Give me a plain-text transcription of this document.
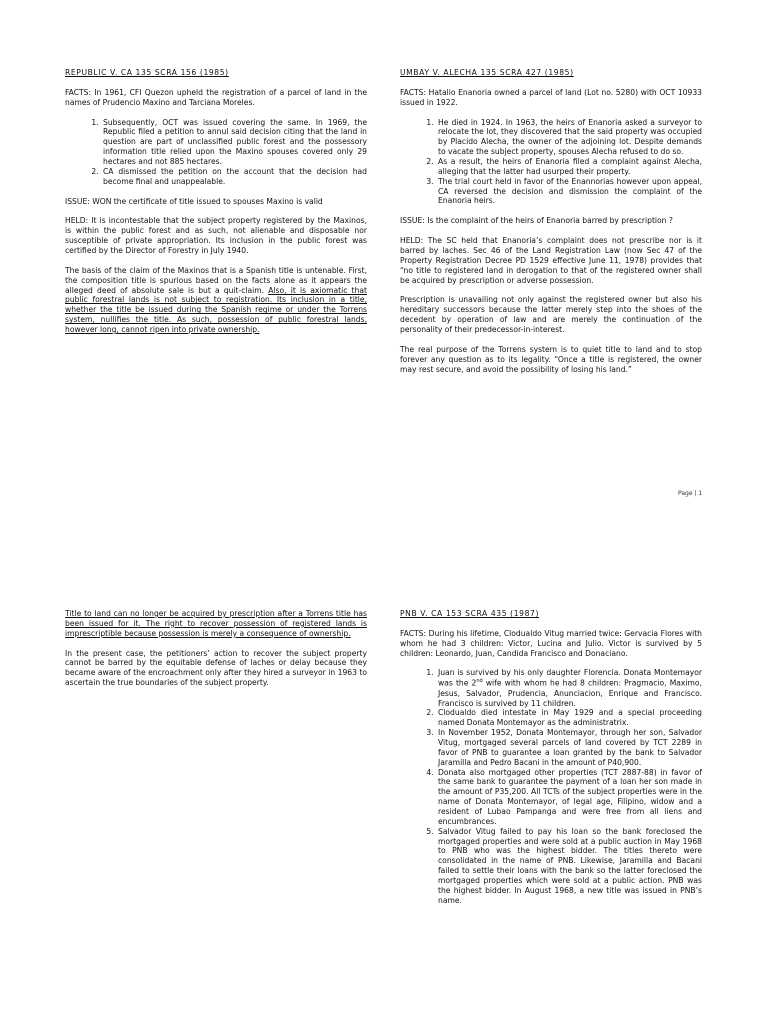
REPUBLIC V. CA 135 SCRA 156 (1985)

FACTS: In 1961, CFI Quezon upheld the registration of a parcel of land in the names of Prudencio Maxino and Tarciana Moreles.

1. Subsequently, OCT was issued covering the same. In 1969, the Republic filed a petition to annul said decision citing that the land in question are part of unclassified public forest and the possessory information title relied upon the Maxino spouses covered only 29 hectares and not 885 hectares.
2. CA dismissed the petition on the account that the decision had become final and unappealable.

ISSUE: WON the certificate of title issued to spouses Maxino is valid

HELD: It is incontestable that the subject property registered by the Maxinos, is within the public forest and as such, not alienable and disposable nor susceptible of private appropriation. Its inclusion in the public forest was certified by the Director of Forestry in July 1940.

The basis of the claim of the Maxinos that is a Spanish title is untenable. First, the composition title is spurious based on the facts alone as it appears the alleged deed of absolute sale is but a quit-claim. Also, it is axiomatic that public forestral lands is not subject to registration. Its inclusion in a title, whether the title be issued during the Spanish regime or under the Torrens system, nullifies the title. As such, possession of public forestral lands, however long, cannot ripen into private ownership.

UMBAY V. ALECHA 135 SCRA 427 (1985)

FACTS: Hatalio Enanoria owned a parcel of land (Lot no. 5280) with OCT 10933 issued in 1922.

1. He died in 1924. In 1963, the heirs of Enanoria asked a surveyor to relocate the lot, they discovered that the said property was occupied by Placido Alecha, the owner of the adjoining lot. Despite demands to vacate the subject property, spouses Alecha refused to do so.
2. As a result, the heirs of Enanoria filed a complaint against Alecha, alleging that the latter had usurped their property.
3. The trial court held in favor of the Enannorias however upon appeal, CA reversed the decision and dismission the complaint of the Enanoria heirs.

ISSUE: Is the complaint of the heirs of Enanoria barred by prescription ?

HELD: The SC held that Enanoria’s complaint does not prescribe nor is it barred by laches. Sec 46 of the Land Registration Law (now Sec 47 of the Property Registration Decree PD 1529 effective June 11, 1978) provides that “no title to registered land in derogation to that of the registered owner shall be acquired by prescription or adverse possession.

Prescription is unavailing not only against the registered owner but also his hereditary successors because the latter merely step into the shoes of the decedent by operation of law and are merely the continuation of the personality of their predecessor-in-interest.

The real purpose of the Torrens system is to quiet title to land and to stop forever any question as to its legality. “Once a title is registered, the owner may rest secure, and avoid the possibility of losing his land.”

Page | 1

Title to land can no longer be acquired by prescription after a Torrens title has been issued for it. The right to recover possession of registered lands is imprescriptible because possession is merely a consequence of ownership.

In the present case, the petitioners’ action to recover the subject property cannot be barred by the equitable defense of laches or delay because they became aware of the encroachment only after they hired a surveyor in 1963 to ascertain the true boundaries of the subject property.

PNB V. CA 153 SCRA 435 (1987)

FACTS: During his lifetime, Clodualdo Vitug married twice: Gervacia Flores with whom he had 3 children: Victor, Lucina and Julio. Victor is survived by 5 children: Leonardo, Juan, Candida Francisco and Donaciano.

1. Juan is survived by his only daughter Florencia. Donata Montemayor was the 2nd wife with whom he had 8 children: Pragmacio, Maximo, Jesus, Salvador, Prudencia, Anunciacion, Enrique and Francisco. Francisco is survived by 11 children.
2. Clodualdo died intestate in May 1929 and a special proceeding named Donata Montemayor as the administratrix.
3. In November 1952, Donata Montemayor, through her son, Salvador Vitug, mortgaged several parcels of land covered by TCT 2289 in favor of PNB to guarantee a loan granted by the bank to Salvador Jaramilla and Pedro Bacani in the amount of P40,900.
4. Donata also mortgaged other properties (TCT 2887-88) in favor of the same bank to guarantee the payment of a loan her son made in the amount of P35,200. All TCTs of the subject properties were in the name of Donata Montemayor, of legal age, Filipino, widow and a resident of Lubao Pampanga and were free from all liens and encumbrances.
5. Salvador Vitug failed to pay his loan so the bank foreclosed the mortgaged properties and were sold at a public auction in May 1968 to PNB who was the highest bidder. The titles thereto were consolidated in the name of PNB. Likewise, Jaramilla and Bacani failed to settle their loans with the bank so the latter foreclosed the mortgaged properties which were sold at a public action. PNB was the highest bidder. In August 1968, a new title was issued in PNB’s name.
